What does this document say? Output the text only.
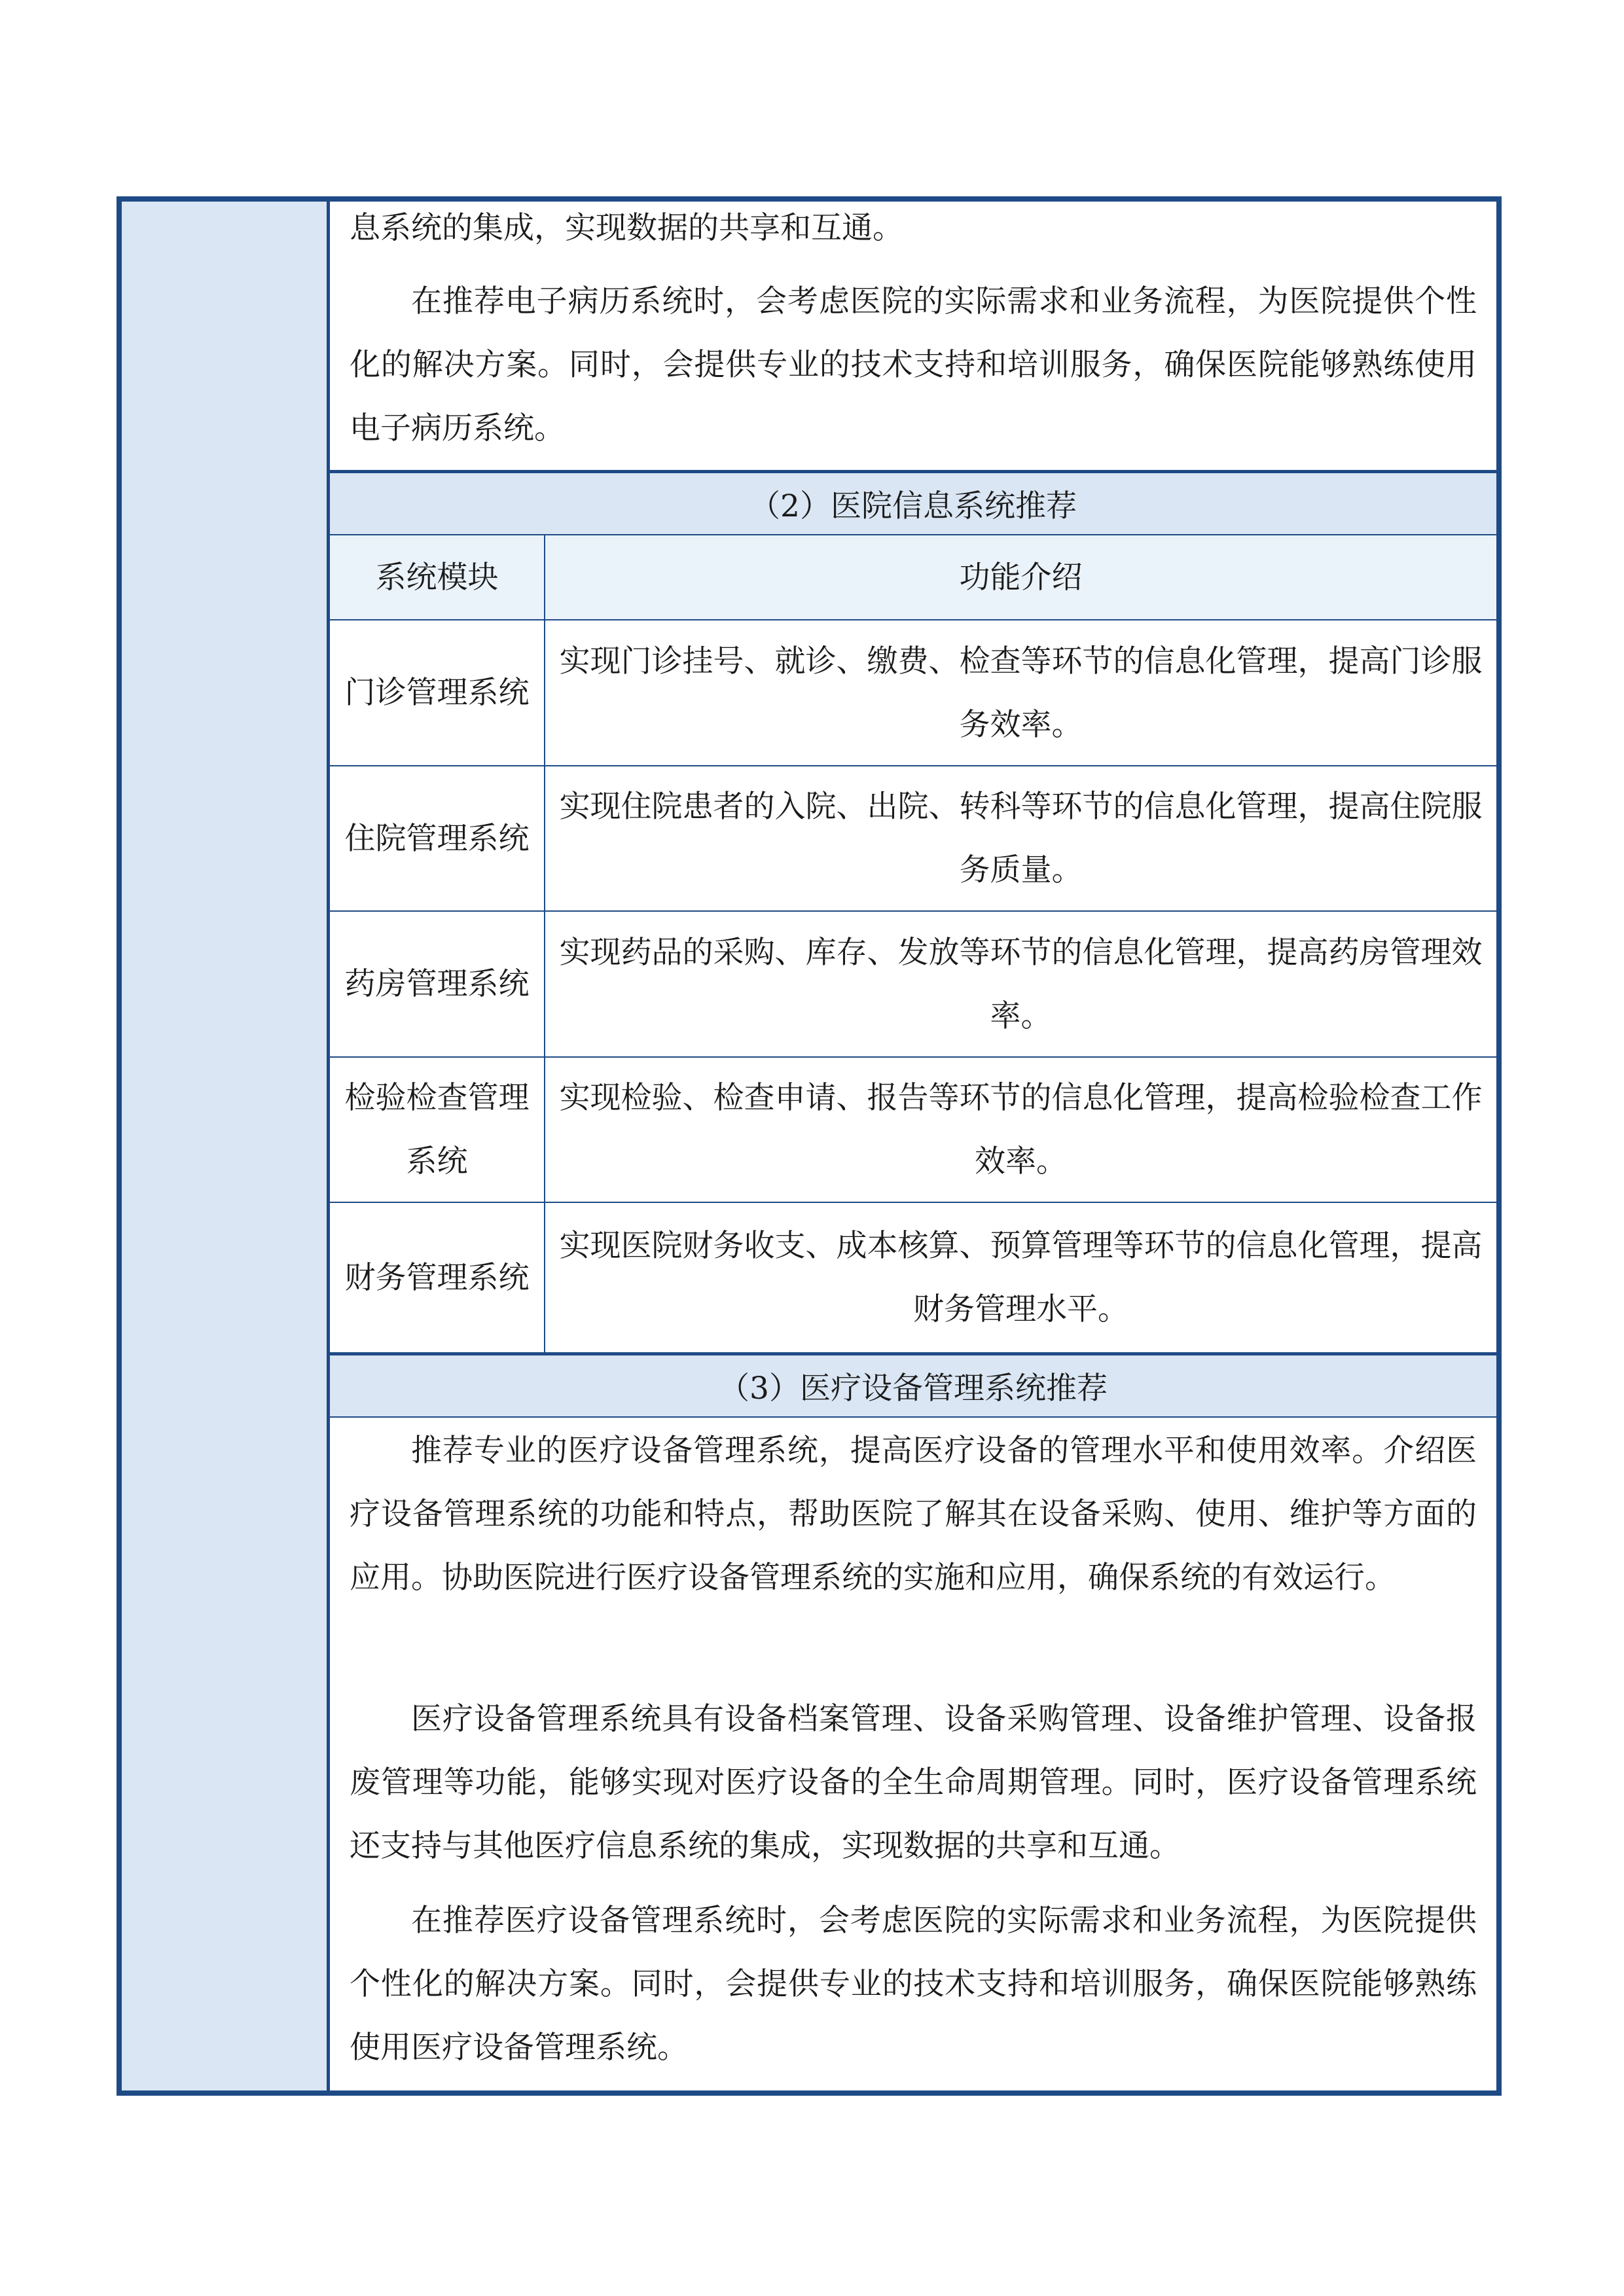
息系统的集成，实现数据的共享和互通。

在推荐电子病历系统时，会考虑医院的实际需求和业务流程，为医院提供个性化的解决方案。同时，会提供专业的技术支持和培训服务，确保医院能够熟练使用电子病历系统。

（2）医院信息系统推荐
系统模块	功能介绍
门诊管理系统
实现门诊挂号、就诊、缴费、检查等环节的信息化管理，提高门诊服务效率。
住院管理系统
实现住院患者的入院、出院、转科等环节的信息化管理，提高住院服务质量。
药房管理系统
实现药品的采购、库存、发放等环节的信息化管理，提高药房管理效率。
检验检查管理系统
实现检验、检查申请、报告等环节的信息化管理，提高检验检查工作效率。
财务管理系统
实现医院财务收支、成本核算、预算管理等环节的信息化管理，提高财务管理水平。
（3）医疗设备管理系统推荐

推荐专业的医疗设备管理系统，提高医疗设备的管理水平和使用效率。介绍医疗设备管理系统的功能和特点，帮助医院了解其在设备采购、使用、维护等方面的应用。协助医院进行医疗设备管理系统的实施和应用，确保系统的有效运行。

医疗设备管理系统具有设备档案管理、设备采购管理、设备维护管理、设备报废管理等功能，能够实现对医疗设备的全生命周期管理。同时，医疗设备管理系统还支持与其他医疗信息系统的集成，实现数据的共享和互通。

在推荐医疗设备管理系统时，会考虑医院的实际需求和业务流程，为医院提供个性化的解决方案。同时，会提供专业的技术支持和培训服务，确保医院能够熟练使用医疗设备管理系统。
